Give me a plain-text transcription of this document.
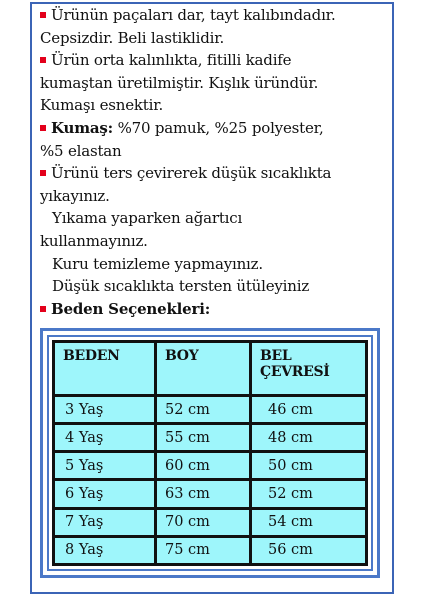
Ürünün paçaları dar, tayt kalıbındadır.
Cepsizdir. Beli lastiklidir.
Ürün orta kalınlıkta, fitilli kadife
kumaştan üretilmiştir. Kışlık üründür.
Kumaşı esnektir.
Kumaş: %70 pamuk, %25 polyester,
%5 elastan
Ürünü ters çevirerek düşük sıcaklıkta
yıkayınız.
Yıkama yaparken ağartıcı
kullanmayınız.
Kuru temizleme yapmayınız.
Düşük sıcaklıkta tersten ütüleyiniz
Beden Seçenekleri:
BEDEN	BOY	BEL ÇEVRESİ
3 Yaş	52 cm	46 cm
4 Yaş	55 cm	48 cm
5 Yaş	60 cm	50 cm
6 Yaş	63 cm	52 cm
7 Yaş	70 cm	54 cm
8 Yaş	75 cm	56 cm
